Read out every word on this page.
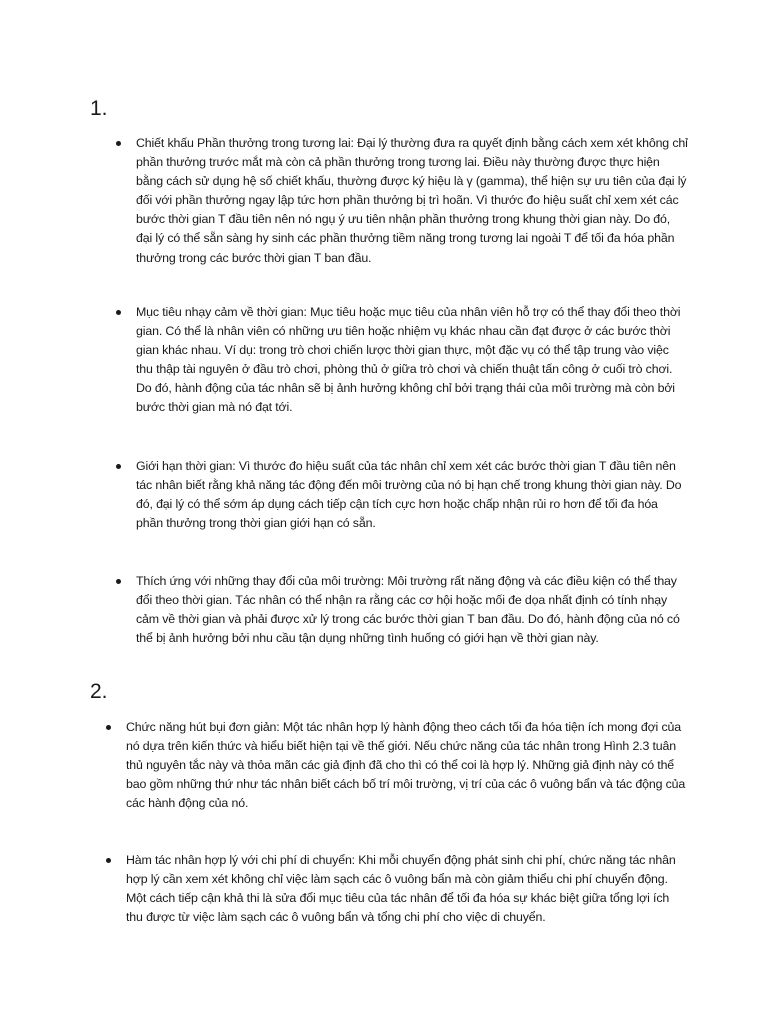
1.
Chiết khấu Phần thưởng trong tương lai: Đại lý thường đưa ra quyết định bằng cách xem xét không chỉ phần thưởng trước mắt mà còn cả phần thưởng trong tương lai. Điều này thường được thực hiện bằng cách sử dụng hệ số chiết khấu, thường được ký hiệu là γ (gamma), thể hiện sự ưu tiên của đại lý đối với phần thưởng ngay lập tức hơn phần thưởng bị trì hoãn. Vì thước đo hiệu suất chỉ xem xét các bước thời gian T đầu tiên nên nó ngụ ý ưu tiên nhận phần thưởng trong khung thời gian này. Do đó, đại lý có thể sẵn sàng hy sinh các phần thưởng tiềm năng trong tương lai ngoài T để tối đa hóa phần thưởng trong các bước thời gian T ban đầu.
Mục tiêu nhạy cảm về thời gian: Mục tiêu hoặc mục tiêu của nhân viên hỗ trợ có thể thay đổi theo thời gian. Có thể là nhân viên có những ưu tiên hoặc nhiệm vụ khác nhau cần đạt được ở các bước thời gian khác nhau. Ví dụ: trong trò chơi chiến lược thời gian thực, một đặc vụ có thể tập trung vào việc thu thập tài nguyên ở đầu trò chơi, phòng thủ ở giữa trò chơi và chiến thuật tấn công ở cuối trò chơi. Do đó, hành động của tác nhân sẽ bị ảnh hưởng không chỉ bởi trạng thái của môi trường mà còn bởi bước thời gian mà nó đạt tới.
Giới hạn thời gian: Vì thước đo hiệu suất của tác nhân chỉ xem xét các bước thời gian T đầu tiên nên tác nhân biết rằng khả năng tác động đến môi trường của nó bị hạn chế trong khung thời gian này. Do đó, đại lý có thể sớm áp dụng cách tiếp cận tích cực hơn hoặc chấp nhận rủi ro hơn để tối đa hóa phần thưởng trong thời gian giới hạn có sẵn.
Thích ứng với những thay đổi của môi trường: Môi trường rất năng động và các điều kiện có thể thay đổi theo thời gian. Tác nhân có thể nhận ra rằng các cơ hội hoặc mối đe dọa nhất định có tính nhạy cảm về thời gian và phải được xử lý trong các bước thời gian T ban đầu. Do đó, hành động của nó có thể bị ảnh hưởng bởi nhu cầu tận dụng những tình huống có giới hạn về thời gian này.
2.
Chức năng hút bụi đơn giản: Một tác nhân hợp lý hành động theo cách tối đa hóa tiện ích mong đợi của nó dựa trên kiến thức và hiểu biết hiện tại về thế giới. Nếu chức năng của tác nhân trong Hình 2.3 tuân thủ nguyên tắc này và thỏa mãn các giả định đã cho thì có thể coi là hợp lý. Những giả định này có thể bao gồm những thứ như tác nhân biết cách bố trí môi trường, vị trí của các ô vuông bẩn và tác động của các hành động của nó.
Hàm tác nhân hợp lý với chi phí di chuyển: Khi mỗi chuyển động phát sinh chi phí, chức năng tác nhân hợp lý cần xem xét không chỉ việc làm sạch các ô vuông bẩn mà còn giảm thiểu chi phí chuyển động. Một cách tiếp cận khả thi là sửa đổi mục tiêu của tác nhân để tối đa hóa sự khác biệt giữa tổng lợi ích thu được từ việc làm sạch các ô vuông bẩn và tổng chi phí cho việc di chuyển.
